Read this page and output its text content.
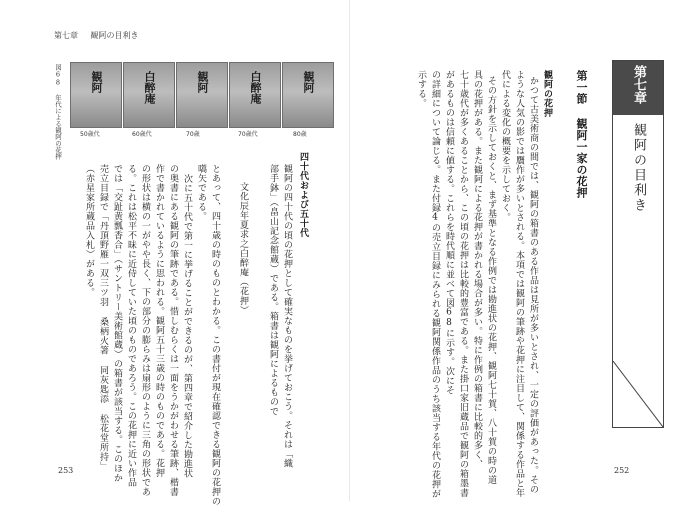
第七章 観阿の目利き
図68 年代による観阿の花押	観阿
白醉庵
観阿
白醉庵
観阿
80歳
70歳代
70歳
60歳代
50歳代
四十代および五十代
観阿の四十代の頃の花押として確実なものを挙げておこう。それは「織
部手鉢」（畠山記念館蔵）である。箱書は観阿によるもので
文化辰年夏求之白醉庵（花押）
とあって、四十歳の時のものとわかる。この書付が現在確認できる観阿の花押の
嚆矢である。
次に五十代で第一に挙げることができるのが、第四章で紹介した勘進状
の奥書にある観阿の筆跡である。惜しむらくは一面をうかがわせる筆跡、楷書
作で書かれているように思われる。観阿五十三歳の時のものである。花押
の形状は横の一がやや長く、下の部分の膨らみは扇形のように三角の形状であ
る。これは松平不昧に近侍していた頃のものであろう。この花押に近い作品
では「交趾黄瓢香合」（サントリー美術館蔵）の箱書が該当する。このほか
売立目録で「丹頂野雁一双三ツ羽 桑柄火箸 同灰匙添 松花堂所持」
（赤星家所蔵品入札）がある。
253
第七章
観阿の目利き
第一節 観阿一家の花押
観阿の花押
かつて古美術商の間では、観阿の箱書のある作品は見所が多いとされ、一定の評価があった。その
ような人気の影では贋作が多いとされる。本項では観阿の筆跡や花押に注目して、関係する作品と年
代による変化の概要を示しておく。
その方針を示しておくと、まず基準となる作例では勘進状の花押、観阿七十賀、八十賀の時の道
具の花押がある。また観阿による花押が書かれる場合が多い。特に作例の箱書に比較的多く、
七十歳代が多くあることから、この頃の花押は比較的豊富である。また掛口家旧蔵品で観阿の箱墨書
があるものは信頼に値する。これらを時代順に並べて図68に示す。次にそ
の詳細について論じる。また付録4の売立目録にみられる観阿関係作品のうち該当する年代の花押が
示する。
252
